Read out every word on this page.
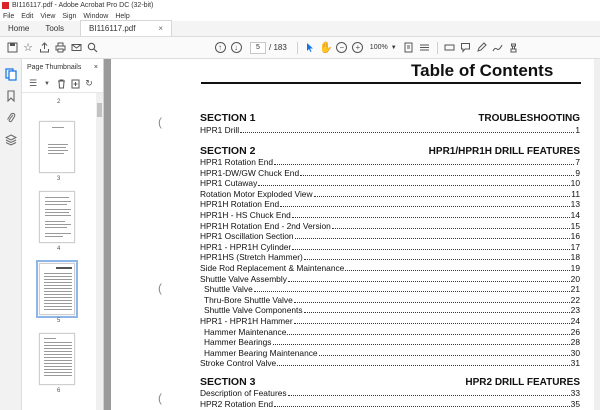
BI116117.pdf - Adobe Acrobat Pro DC (32-bit)
File Edit View Sign Window Help
Home	Tools	BI116117.pdf	×
☆	↑	↓	5	/ 183	✋ −	+	100% ▼
Page Thumbnails ×
☰	▼	↻
2
3
4
5
6
Table of Contents
(
(
(
SECTION 1	TROUBLESHOOTING
HPR1 Drill	1
SECTION 2	HPR1/HPR1H DRILL FEATURES
HPR1 Rotation End	7
HPR1-DW/GW Chuck End	9
HPR1 Cutaway	10
Rotation Motor Exploded View	11
HPR1H Rotation End	13
HPR1H - HS Chuck End	14
HPR1H Rotation End - 2nd Version	15
HPR1 Oscillation Section	16
HPR1 - HPR1H Cylinder	17
HPR1HS (Stretch Hammer)	18
Side Rod Replacement & Maintenance	19
Shuttle Valve Assembly	20
Shuttle Valve	21
Thru-Bore Shuttle Valve	22
Shuttle Valve Components	23
HPR1 - HPR1H Hammer	24
Hammer Maintenance	26
Hammer Bearings	28
Hammer Bearing Maintenance	30
Stroke Control Valve	31
SECTION 3	HPR2 DRILL FEATURES
Description of Features	33
HPR2 Rotation End	35
